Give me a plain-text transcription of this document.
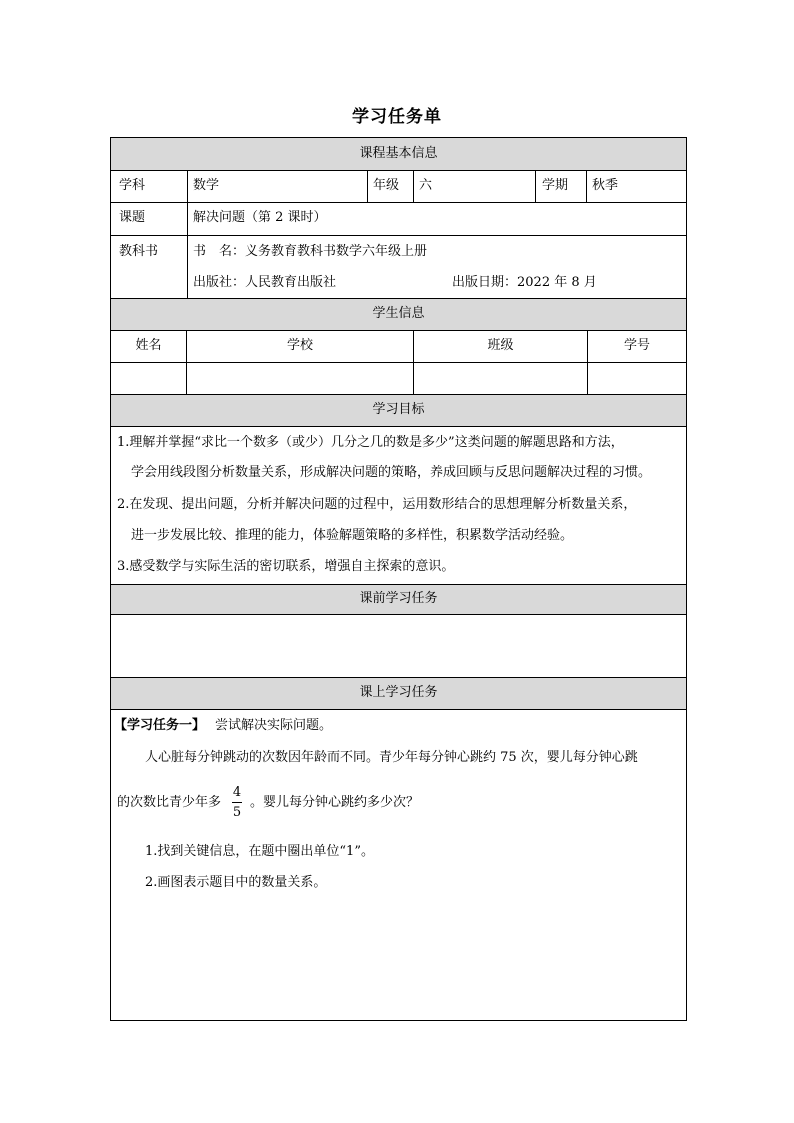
学习任务单
课程基本信息
学生信息
学习目标
课前学习任务
课上学习任务
学科	数学	年级 六	学期 秋季
课题	解决问题（第 2 课时）
教科书	书　名：义务教育教科书数学六年级上册
出版社：人民教育出版社	出版日期：2022 年 8 月
姓名	学校	班级	学号
1.理解并掌握“求比一个数多（或少）几分之几的数是多少”这类问题的解题思路和方法，
学会用线段图分析数量关系，形成解决问题的策略，养成回顾与反思问题解决过程的习惯。
2.在发现、提出问题，分析并解决问题的过程中，运用数形结合的思想理解分析数量关系，
进一步发展比较、推理的能力，体验解题策略的多样性，积累数学活动经验。
3.感受数学与实际生活的密切联系，增强自主探索的意识。
【学习任务一】 尝试解决实际问题。
人心脏每分钟跳动的次数因年龄而不同。青少年每分钟心跳约 75 次，婴儿每分钟心跳
的次数比青少年多
4
5
。婴儿每分钟心跳约多少次？
1.找到关键信息，在题中圈出单位“1”。
2.画图表示题目中的数量关系。
